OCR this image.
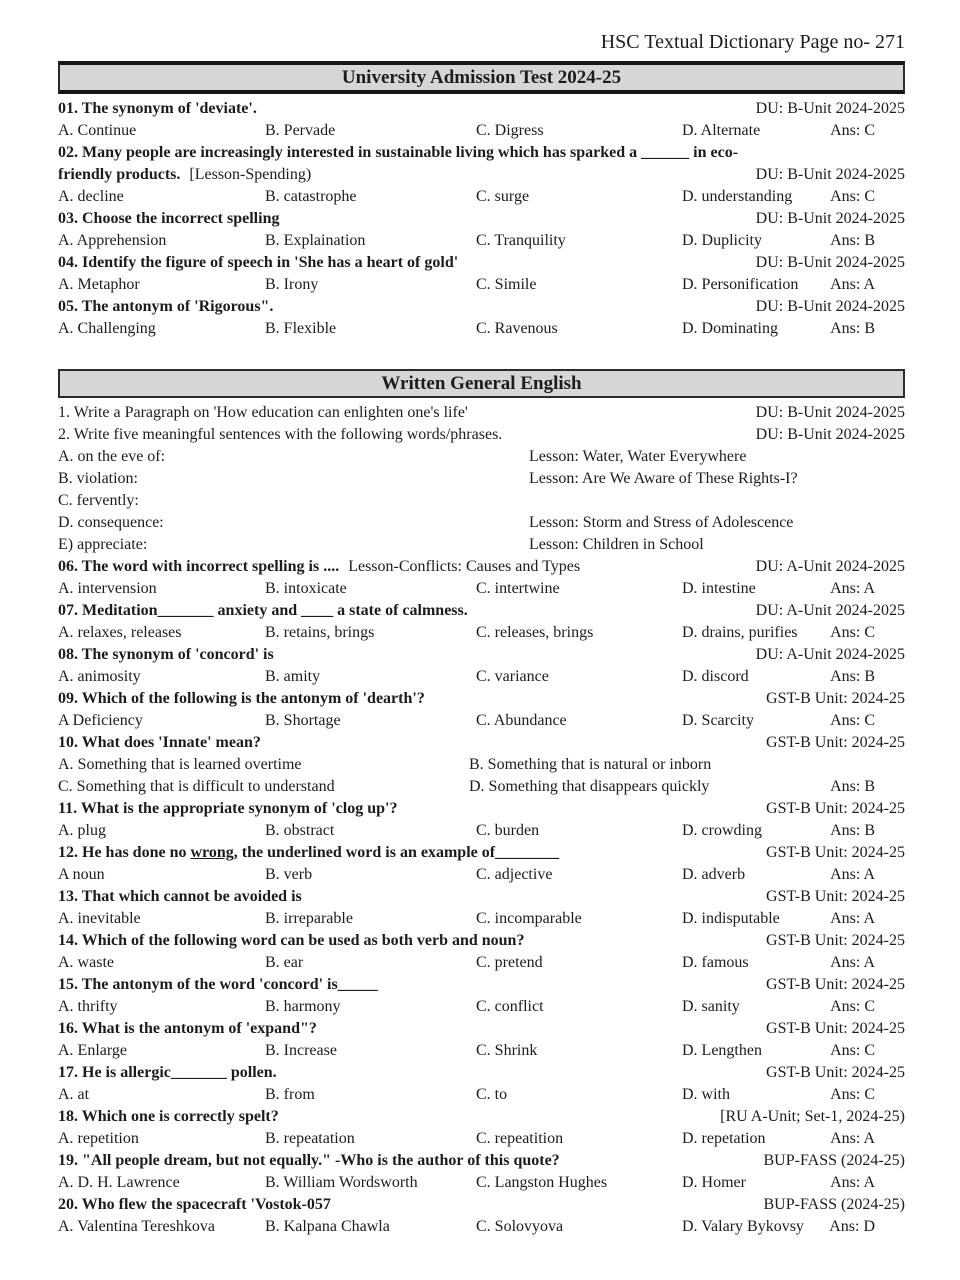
HSC Textual Dictionary Page no- 271
University Admission Test 2024-25
01. The synonym of 'deviate'.	DU: B-Unit 2024-2025
A. Continue	B. Pervade	C. Digress	D. Alternate	Ans: C
02. Many people are increasingly interested in sustainable living which has sparked a ______ in eco-friendly products. [Lesson-Spending)	DU: B-Unit 2024-2025
A. decline	B. catastrophe	C. surge	D. understanding	Ans: C
03. Choose the incorrect spelling	DU: B-Unit 2024-2025
A. Apprehension	B. Explaination	C. Tranquility	D. Duplicity	Ans: B
04. Identify the figure of speech in 'She has a heart of gold'	DU: B-Unit 2024-2025
A. Metaphor	B. Irony	C. Simile	D. Personification	Ans: A
05. The antonym of 'Rigorous".	DU: B-Unit 2024-2025
A. Challenging	B. Flexible	C. Ravenous	D. Dominating	Ans: B
Written General English
1. Write a Paragraph on 'How education can enlighten one's life'	DU: B-Unit 2024-2025
2. Write five meaningful sentences with the following words/phrases.	DU: B-Unit 2024-2025
A. on the eve of:	Lesson: Water, Water Everywhere
B. violation:	Lesson: Are We Aware of These Rights-I?
C. fervently:
D. consequence:	Lesson: Storm and Stress of Adolescence
E) appreciate:	Lesson: Children in School
06. The word with incorrect spelling is .... Lesson-Conflicts: Causes and Types	DU: A-Unit 2024-2025
A. intervension	B. intoxicate	C. intertwine	D. intestine	Ans: A
07. Meditation_______ anxiety and ____ a state of calmness.	DU: A-Unit 2024-2025
A. relaxes, releases	B. retains, brings	C. releases, brings	D. drains, purifies	Ans: C
08. The synonym of 'concord' is	DU: A-Unit 2024-2025
A. animosity	B. amity	C. variance	D. discord	Ans: B
09. Which of the following is the antonym of 'dearth'?	GST-B Unit: 2024-25
A Deficiency	B. Shortage	C. Abundance	D. Scarcity	Ans: C
10. What does 'Innate' mean?	GST-B Unit: 2024-25
A. Something that is learned overtime	B. Something that is natural or inborn
C. Something that is difficult to understand	D. Something that disappears quickly	Ans: B
11. What is the appropriate synonym of 'clog up'?	GST-B Unit: 2024-25
A. plug	B. obstract	C. burden	D. crowding	Ans: B
12. He has done no wrong, the underlined word is an example of________	GST-B Unit: 2024-25
A noun	B. verb	C. adjective	D. adverb	Ans: A
13. That which cannot be avoided is	GST-B Unit: 2024-25
A. inevitable	B. irreparable	C. incomparable	D. indisputable	Ans: A
14. Which of the following word can be used as both verb and noun?	GST-B Unit: 2024-25
A. waste	B. ear	C. pretend	D. famous	Ans: A
15. The antonym of the word 'concord' is_____	GST-B Unit: 2024-25
A. thrifty	B. harmony	C. conflict	D. sanity	Ans: C
16. What is the antonym of 'expand"?	GST-B Unit: 2024-25
A. Enlarge	B. Increase	C. Shrink	D. Lengthen	Ans: C
17. He is allergic_______ pollen.	GST-B Unit: 2024-25
A. at	B. from	C. to	D. with	Ans: C
18. Which one is correctly spelt?	[RU A-Unit; Set-1, 2024-25)
A. repetition	B. repeatation	C. repeatition	D. repetation	Ans: A
19. "All people dream, but not equally." -Who is the author of this quote?	BUP-FASS (2024-25)
A. D. H. Lawrence	B. William Wordsworth	C. Langston Hughes	D. Homer	Ans: A
20. Who flew the spacecraft 'Vostok-057	BUP-FASS (2024-25)
A. Valentina Tereshkova	B. Kalpana Chawla	C. Solovyova	D. Valary Bykovsy	Ans: D
